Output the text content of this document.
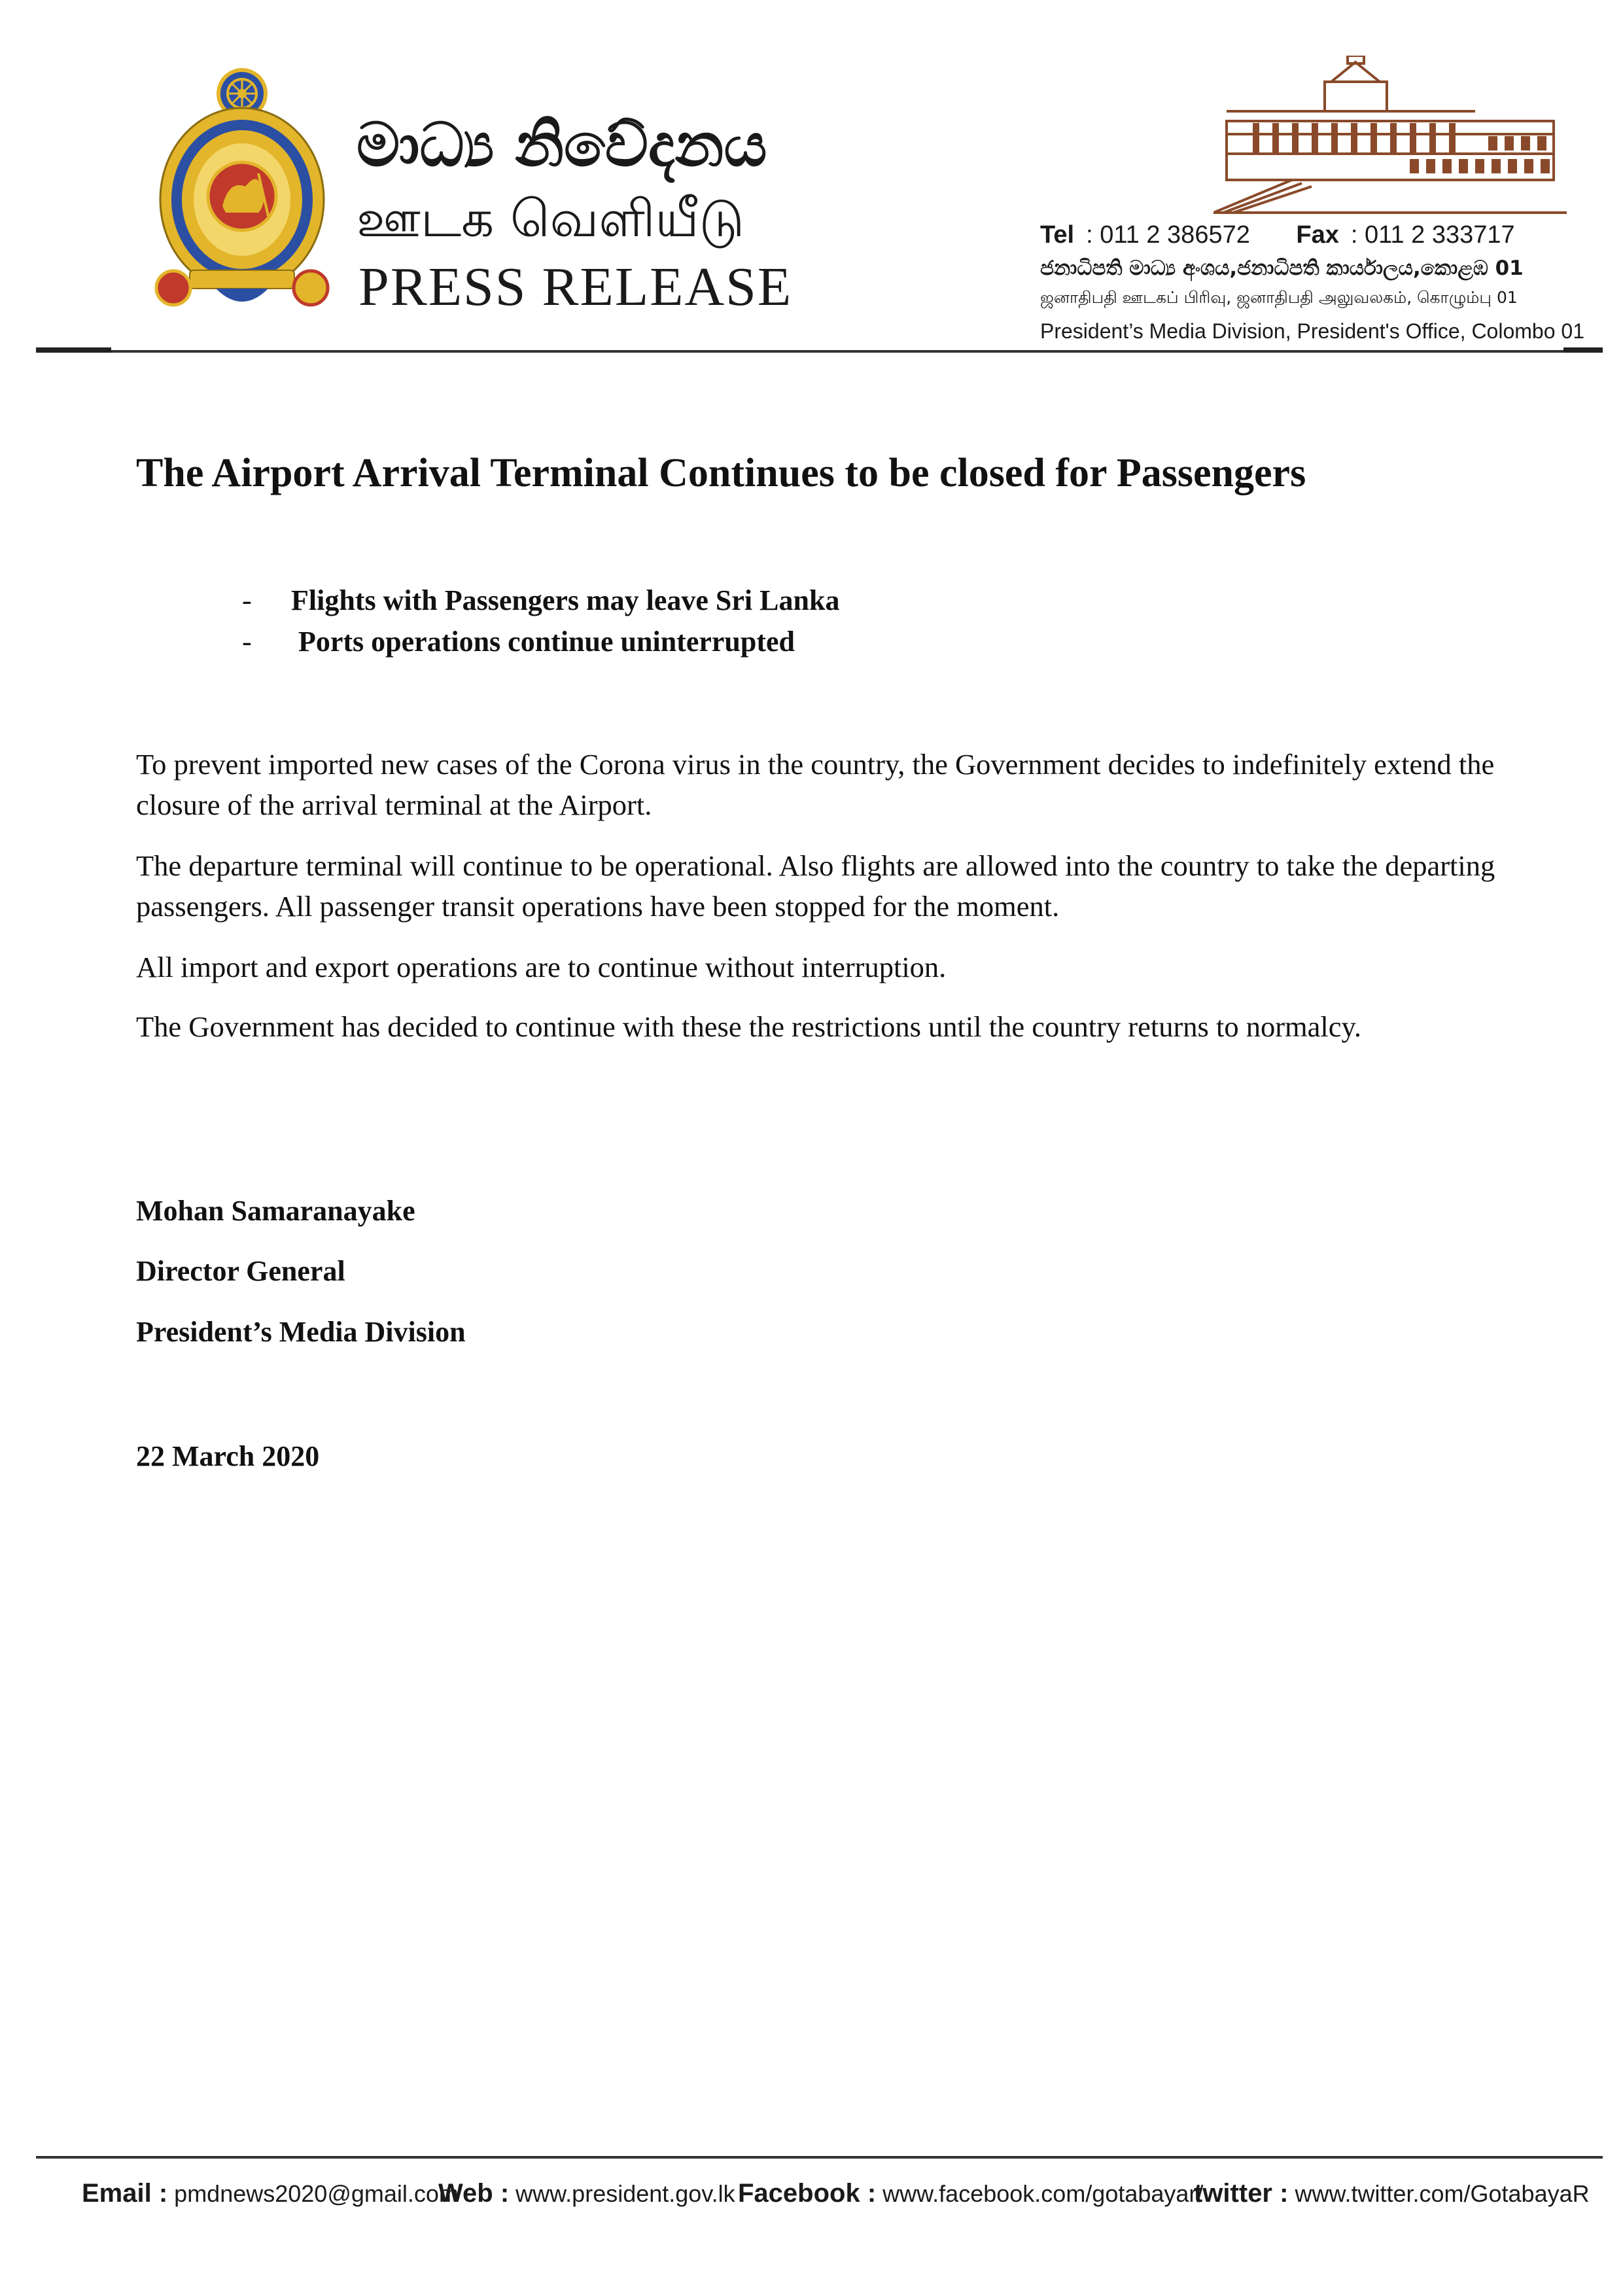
මාධ්‍ය නිවේදනය
ஊடக வெளியீடு
PRESS RELEASE
Tel : 011 2 386572 Fax : 011 2 333717
ජනාධිපති මාධ්‍ය අංශය,ජනාධිපති කාර්යාලය,කොළඹ 01
ஜனாதிபதி ஊடகப் பிரிவு, ஜனாதிபதி அலுவலகம், கொழும்பு 01
President’s Media Division, President's Office, Colombo 01
The Airport Arrival Terminal Continues to be closed for Passengers
- Flights with Passengers may leave Sri Lanka
- Ports operations continue uninterrupted
To prevent imported new cases of the Corona virus in the country, the Government decides to indefinitely extend the closure of the arrival terminal at the Airport.
The departure terminal will continue to be operational. Also flights are allowed into the country to take the departing passengers. All passenger transit operations have been stopped for the moment.
All import and export operations are to continue without interruption.
The Government has decided to continue with these the restrictions until the country returns to normalcy.
Mohan Samaranayake
Director General
President’s Media Division
22 March 2020
Email : pmdnews2020@gmail.com
Web : www.president.gov.lk Facebook : www.facebook.com/gotabayar/
twitter : www.twitter.com/GotabayaR
